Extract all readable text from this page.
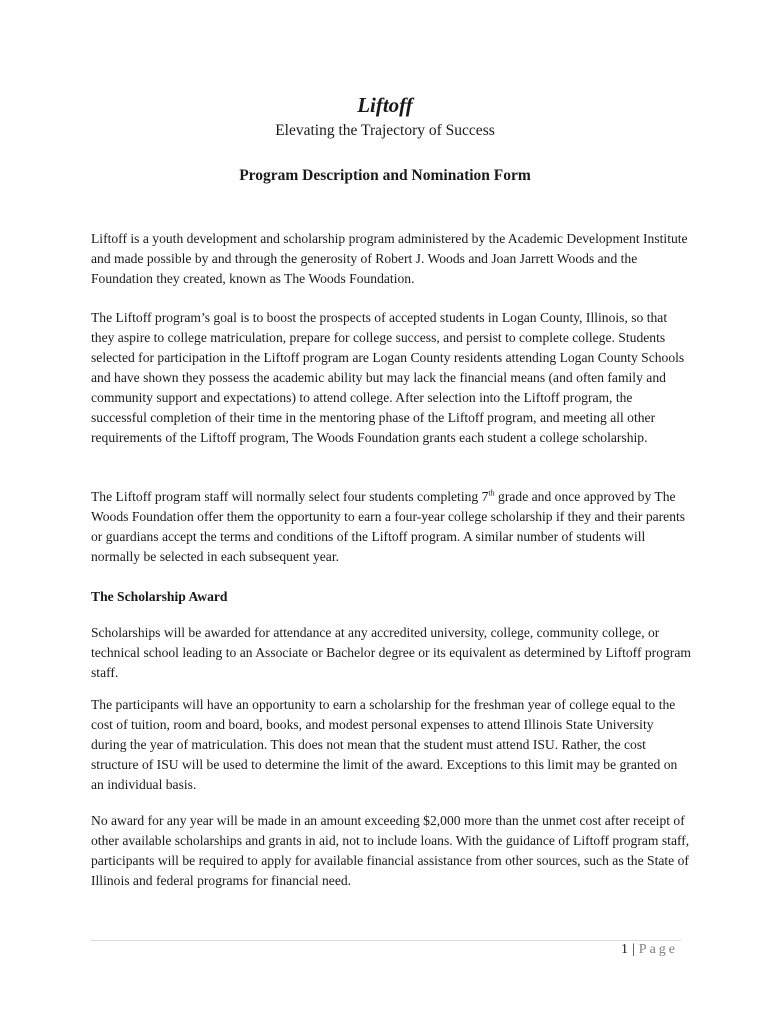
Liftoff
Elevating the Trajectory of Success
Program Description and Nomination Form

Liftoff is a youth development and scholarship program administered by the Academic Development Institute and made possible by and through the generosity of Robert J. Woods and Joan Jarrett Woods and the Foundation they created, known as The Woods Foundation.

The Liftoff program’s goal is to boost the prospects of accepted students in Logan County, Illinois, so that they aspire to college matriculation, prepare for college success, and persist to complete college. Students selected for participation in the Liftoff program are Logan County residents attending Logan County Schools and have shown they possess the academic ability but may lack the financial means (and often family and community support and expectations) to attend college. After selection into the Liftoff program, the successful completion of their time in the mentoring phase of the Liftoff program, and meeting all other requirements of the Liftoff program, The Woods Foundation grants each student a college scholarship.

The Liftoff program staff will normally select four students completing 7th grade and once approved by The Woods Foundation offer them the opportunity to earn a four-year college scholarship if they and their parents or guardians accept the terms and conditions of the Liftoff program. A similar number of students will normally be selected in each subsequent year.

The Scholarship Award

Scholarships will be awarded for attendance at any accredited university, college, community college, or technical school leading to an Associate or Bachelor degree or its equivalent as determined by Liftoff program staff.

The participants will have an opportunity to earn a scholarship for the freshman year of college equal to the cost of tuition, room and board, books, and modest personal expenses to attend Illinois State University during the year of matriculation. This does not mean that the student must attend ISU. Rather, the cost structure of ISU will be used to determine the limit of the award. Exceptions to this limit may be granted on an individual basis.

No award for any year will be made in an amount exceeding $2,000 more than the unmet cost after receipt of other available scholarships and grants in aid, not to include loans. With the guidance of Liftoff program staff, participants will be required to apply for available financial assistance from other sources, such as the State of Illinois and federal programs for financial need.

1 | Page
